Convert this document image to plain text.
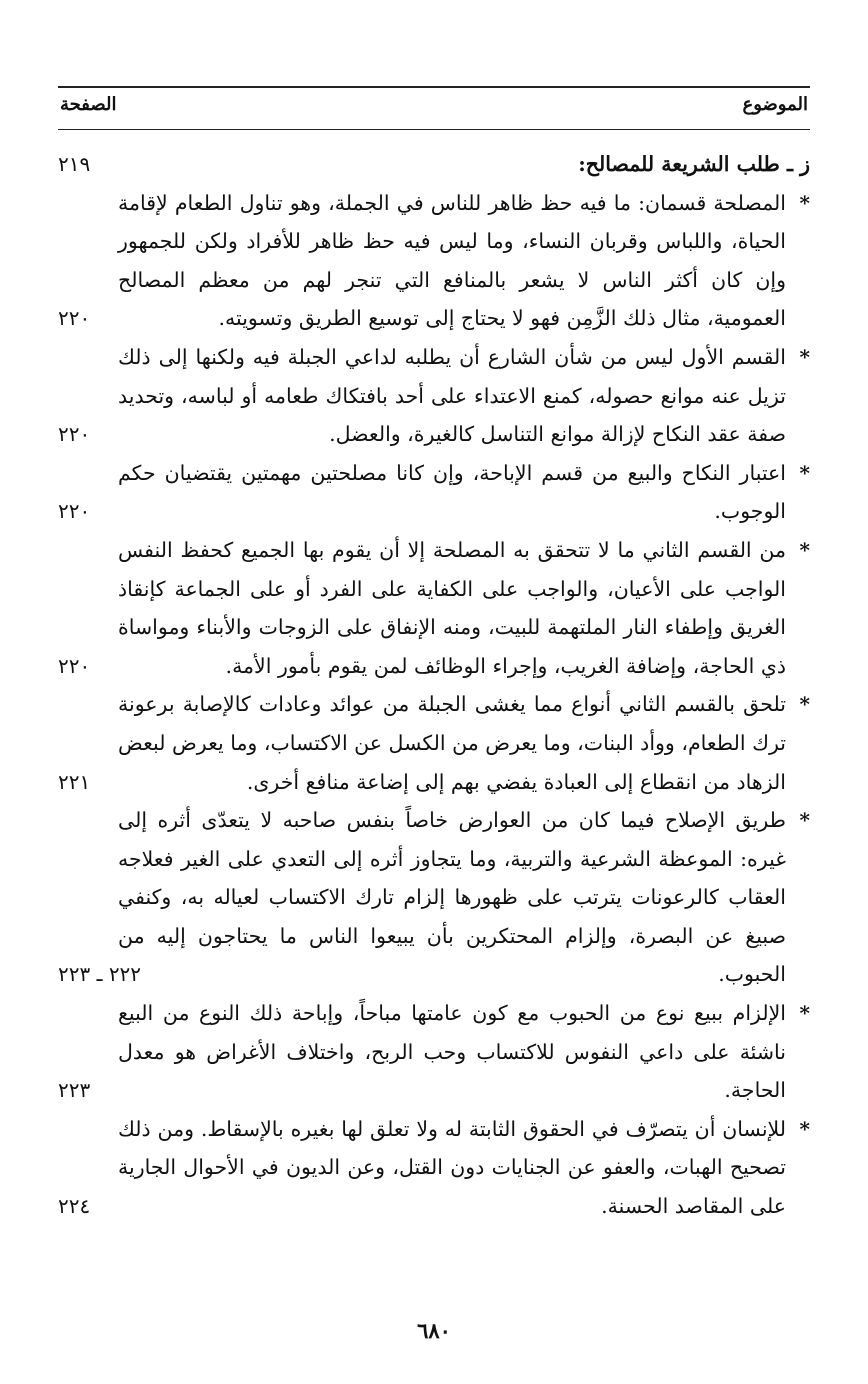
الموضوع
الصفحة
ز ـ طلب الشريعة للمصالح:
٢١٩
*
المصلحة قسمان: ما فيه حظ ظاهر للناس في الجملة، وهو تناول الطعام لإقامة الحياة، واللباس وقربان النساء، وما ليس فيه حظ ظاهر للأفراد ولكن للجمهور وإن كان أكثر الناس لا يشعر بالمنافع التي تنجر لهم من معظم المصالح العمومية، مثال ذلك الزَّمِن فهو لا يحتاج إلى توسيع الطريق وتسويته.
٢٢٠
*
القسم الأول ليس من شأن الشارع أن يطلبه لداعي الجبلة فيه ولكنها إلى ذلك تزيل عنه موانع حصوله، كمنع الاعتداء على أحد بافتكاك طعامه أو لباسه، وتحديد صفة عقد النكاح لإزالة موانع التناسل كالغيرة، والعضل.
٢٢٠
*
اعتبار النكاح والبيع من قسم الإباحة، وإن كانا مصلحتين مهمتين يقتضيان حكم الوجوب.
٢٢٠
*
من القسم الثاني ما لا تتحقق به المصلحة إلا أن يقوم بها الجميع كحفظ النفس الواجب على الأعيان، والواجب على الكفاية على الفرد أو على الجماعة كإنقاذ الغريق وإطفاء النار الملتهمة للبيت، ومنه الإنفاق على الزوجات والأبناء ومواساة ذي الحاجة، وإضافة الغريب، وإجراء الوظائف لمن يقوم بأمور الأمة.
٢٢٠
*
تلحق بالقسم الثاني أنواع مما يغشى الجبلة من عوائد وعادات كالإصابة برعونة ترك الطعام، ووأد البنات، وما يعرض من الكسل عن الاكتساب، وما يعرض لبعض الزهاد من انقطاع إلى العبادة يفضي بهم إلى إضاعة منافع أخرى.
٢٢١
*
طريق الإصلاح فيما كان من العوارض خاصاً بنفس صاحبه لا يتعدّى أثره إلى غيره: الموعظة الشرعية والتربية، وما يتجاوز أثره إلى التعدي على الغير فعلاجه العقاب كالرعونات يترتب على ظهورها إلزام تارك الاكتساب لعياله به، وكنفي صبيغ عن البصرة، وإلزام المحتكرين بأن يبيعوا الناس ما يحتاجون إليه من الحبوب.
٢٢٢ ـ ٢٢٣
*
الإلزام ببيع نوع من الحبوب مع كون عامتها مباحاً، وإباحة ذلك النوع من البيع ناشئة على داعي النفوس للاكتساب وحب الربح، واختلاف الأغراض هو معدل الحاجة.
٢٢٣
*
للإنسان أن يتصرّف في الحقوق الثابتة له ولا تعلق لها بغيره بالإسقاط. ومن ذلك تصحيح الهبات، والعفو عن الجنايات دون القتل، وعن الديون في الأحوال الجارية على المقاصد الحسنة.
٢٢٤
٦٨٠
